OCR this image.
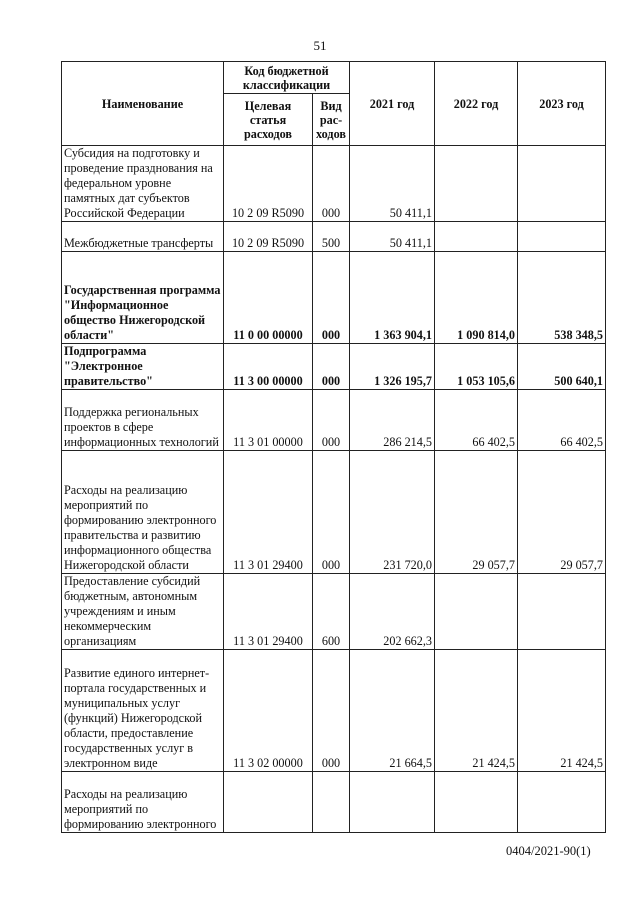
51
Наименование	Код бюджетной классификации		2021 год	2022 год	2023 год
	Целевая статья расходов	Вид рас-ходов			
Субсидия на подготовку и проведение празднования на федеральном уровне памятных дат субъектов Российской Федерации	10 2 09 R5090	000	50 411,1		
Межбюджетные трансферты	10 2 09 R5090	500	50 411,1		
Государственная программа "Информационное общество Нижегородской области"	11 0 00 00000	000	1 363 904,1	1 090 814,0	538 348,5
Подпрограмма "Электронное правительство"	11 3 00 00000	000	1 326 195,7	1 053 105,6	500 640,1
Поддержка региональных проектов в сфере информационных технологий	11 3 01 00000	000	286 214,5	66 402,5	66 402,5
Расходы на реализацию мероприятий по формированию электронного правительства и развитию информационного общества Нижегородской области	11 3 01 29400	000	231 720,0	29 057,7	29 057,7
Предоставление субсидий бюджетным, автономным учреждениям и иным некоммерческим организациям	11 3 01 29400	600	202 662,3		
Развитие единого интернет-портала государственных и муниципальных услуг (функций) Нижегородской области, предоставление государственных услуг в электронном виде	11 3 02 00000	000	21 664,5	21 424,5	21 424,5
Расходы на реализацию мероприятий по формированию электронного					
0404/2021-90(1)
